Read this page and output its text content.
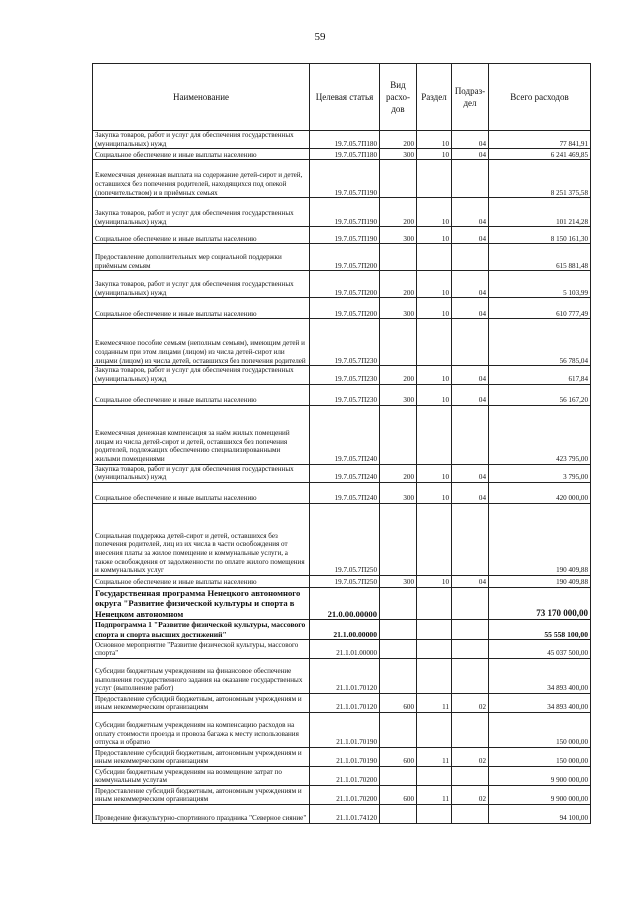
59
Наименование	Целевая статья	Вид расхо-дов	Раздел	Подраз-дел	Всего расходов
Закупка товаров, работ и услуг для обеспечения государственных (муниципальных) нужд	19.7.05.7П180	200	10	04	77 841,91
Социальное обеспечение и иные выплаты населению	19.7.05.7П180	300	10	04	6 241 469,85
Ежемесячная денежная выплата на содержание детей-сирот и детей, оставшихся без попечения родителей, находящихся под опекой (попечительством) и в приёмных семьях	19.7.05.7П190				8 251 375,58
Закупка товаров, работ и услуг для обеспечения государственных (муниципальных) нужд	19.7.05.7П190	200	10	04	101 214,28
Социальное обеспечение и иные выплаты населению	19.7.05.7П190	300	10	04	8 150 161,30
Предоставление дополнительных мер социальной поддержки приёмным семьям	19.7.05.7П200				615 881,48
Закупка товаров, работ и услуг для обеспечения государственных (муниципальных) нужд	19.7.05.7П200	200	10	04	5 103,99
Социальное обеспечение и иные выплаты населению	19.7.05.7П200	300	10	04	610 777,49
Ежемесячное пособие семьям (неполным семьям), имеющим детей и созданным при этом лицами (лицом) из числа детей-сирот или лицами (лицом) из числа детей, оставшихся без попечения родителей	19.7.05.7П230				56 785,04
Закупка товаров, работ и услуг для обеспечения государственных (муниципальных) нужд	19.7.05.7П230	200	10	04	617,84
Социальное обеспечение и иные выплаты населению	19.7.05.7П230	300	10	04	56 167,20
Ежемесячная денежная компенсация за наём жилых помещений лицам из числа детей-сирот и детей, оставшихся без попечения родителей, подлежащих обеспечению специализированными жилыми помещениями	19.7.05.7П240				423 795,00
Закупка товаров, работ и услуг для обеспечения государственных (муниципальных) нужд	19.7.05.7П240	200	10	04	3 795,00
Социальное обеспечение и иные выплаты населению	19.7.05.7П240	300	10	04	420 000,00
Социальная поддержка детей-сирот и детей, оставшихся без попечения родителей, лиц из их числа в части освобождения от внесения платы за жилое помещение и коммунальные услуги, а также освобождения от задолженности по оплате жилого помещения и коммунальных услуг	19.7.05.7П250				190 409,88
Социальное обеспечение и иные выплаты населению	19.7.05.7П250	300	10	04	190 409,88
Государственная программа Ненецкого автономного округа "Развитие физической культуры и спорта в Ненецком автономном	21.0.00.00000				73 170 000,00
Подпрограмма 1 "Развитие физической культуры, массового спорта и спорта высших достижений"	21.1.00.00000				55 558 100,00
Основное мероприятие "Развитие физической культуры, массового спорта"	21.1.01.00000				45 037 500,00
Субсидии бюджетным учреждениям на финансовое обеспечение выполнения государственного задания на оказание государственных услуг (выполнение работ)	21.1.01.70120				34 893 400,00
Предоставление субсидий бюджетным, автономным учреждениям и иным некоммерческим организациям	21.1.01.70120	600	11	02	34 893 400,00
Субсидии бюджетным учреждениям на компенсацию расходов на оплату стоимости проезда и провоза багажа к месту использования отпуска и обратно	21.1.01.70190				150 000,00
Предоставление субсидий бюджетным, автономным учреждениям и иным некоммерческим организациям	21.1.01.70190	600	11	02	150 000,00
Субсидии бюджетным учреждениям на возмещение затрат по коммунальным услугам	21.1.01.70200				9 900 000,00
Предоставление субсидий бюджетным, автономным учреждениям и иным некоммерческим организациям	21.1.01.70200	600	11	02	9 900 000,00
Проведение физкультурно-спортивного праздника "Северное сияние"	21.1.01.74120				94 100,00
